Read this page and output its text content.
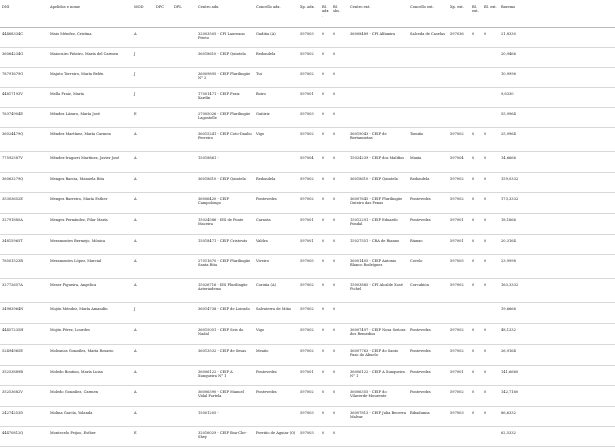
DNI	Apelidos e nome	MOD	DPC	DPL	Centro adx.	Concello adx.	Xp. adx.	Bl. adx.	Bl. sbs.	Centro ext.	Concello ext.	Xp. ext.	Bl. ext.	Bl. ext.	Baremo
44468334C	Maio Méndez, Cristina	A			32003505 - CPI Laureano Prieto	Gudiña (A)	597003	0	0	36008489 - CPI Alfamira	Salceda de Caselas	597036	0	0	21,8330
36064234G	Maiocuiro Piñeiro, María del Carmen	J			36018610 - CEIP Quintela	Redondela	597002	0	0						20,9466
78791679G	Majuto Torreiro, María Belén	J			36009895 - CEIP Plurilingüe N° 2	Tui	597002	0	0						10,9996
44817193V	Mella Fraiz, María	J			17001471 - CEIP Fraiz Xardín	Boiro	597001	0	0						9,8330
76374904E	Méndez Lázaro, María José	E			27005026 - CEIP Plurilingüe Lagostelle	Guitiriz	597003	0	0						55,9964
36024479Q	Méndez Martínez, María Carmen	A			36015241 - CEIP Coto-Daulio Ferreiro	Vigo	597002	0	0	36019043 - CEIP de Bertamiráns	Tomiño	597002	0	0	25,9964
77592587V	Méndez-Iragorri Martínez, Javier José	A			15018861 -		597004	0	0	15024239 - CEIP dos Malifios	Muxía	597004	0	0	14,6666
36063279Q	Mengez Barcia, Manuela Rita	A			36018610 - CEIP Quintela	Redondela	597002	0	0	36018610 - CEIP Quintela	Redondela	597002	0	0	159,0332
35303652E	Mengez Barreiro, María Esther	A			36006420 - CEIP Campolongo	Pontevedra	597002	0	0	36007645 - CEIP Plurilingüe Outeiro das Penas	Pontevedra	597002	0	0	173,3332
32791885A	Mengez Fernández, Pilar María	A			15024586 - IES de Ponte Maceira	Carnota	597001	0	0	15012291 - CEIP Eduardo Pondal	Pontevedra	597001	0	0	18,1666
34815965T	Meramontes Bermejo, Mónica	A			15018471 - CEIP Cristovás	Valdra	597001	0	0	15027551 - CRA de Rianxo	Rianxo	597001	0	0	20,3164
78501523R	Meramontes López, Marcial	A			27011670 - CEIP Plurilingüe Santa Rita	Viveiro	597005	0	0	36001405 - CEIP Antonio Blanco Rodríguez	Covelo	597005	0	0	23,9998
32772657A	Meser Figueira, Angelica	A			15026716 - IES Plurilingüe Asteriademo	Coruña (A)	597002	0	0	15003885 - CPI Alcalde Xosé Pichel	Corcubión	597002	0	0	163,3332
34983964N	Mojón Méndez, María Amandín	J			36014738 - CEIP de Loirado	Salvaterra de Miño	597002	0	0						19,6666
44457235H	Mojón Pérez, Lourdes	A			36015051 - CEIP Seis do Nadal	Vigo	597002	0	0	36007497 - CEIP Nosa Señora dos Remedios	Pontevedra	597002	0	0	48,1332
52494965E	Moleanos González, María Rosario	A			36013532 - CEIP de Sesas	Meaño	597002	0	0	36007763 - CEIP do Santo Pazo do Abuelo	Pontevedra	597002	0	0	26,9164
35253889B	Moledo Bouñon, María Luisa	A			36006122 - CEIP A Xunqueira N° 1	Pontevedra	597001	0	0	36006122 - CEIP A Xunqueira N° 1	Pontevedra	597001	0	0	141,6660
35253682V	Moledo González, Carmen	A			36006390 - CEIP Manuel Vidal Portela	Pontevedra	597002	0	0	36006355 - CEIP do Vilaverde-Mourente	Pontevedra	597002	0	0	142,7160
24274253D	Molina García, Yolanda	A			15001205 -		597003	0	0	36007813 - CEIP Julia Becerra Malvar	Ribadumia	597003	0	0	86,6332
44470812Q	Montecelo Feijoo, Esther	E			32016029 - CEIP Boa-Che-Shey	Porriño de Aguiar (O)	597003	0	0						62,5332
